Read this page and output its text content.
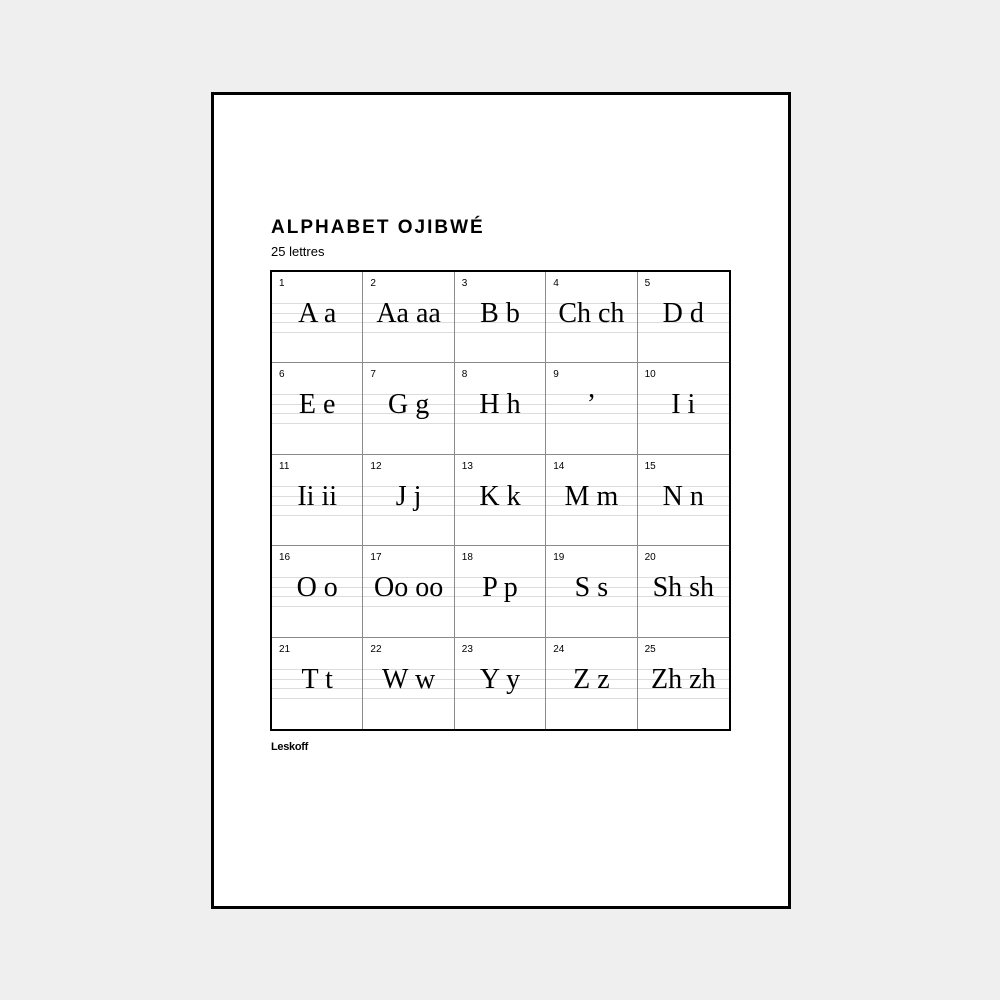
ALPHABET OJIBWÉ
25 lettres
1
A a
2
Aa aa
3
B b
4
Ch ch
5
D d
6
E e
7
G g
8
H h
9
’
10
I i
11
Ii ii
12
J j
13
K k
14
M m
15
N n
16
O o
17
Oo oo
18
P p
19
S s
20
Sh sh
21
T t
22
W w
23
Y y
24
Z z
25
Zh zh
Leskoff
